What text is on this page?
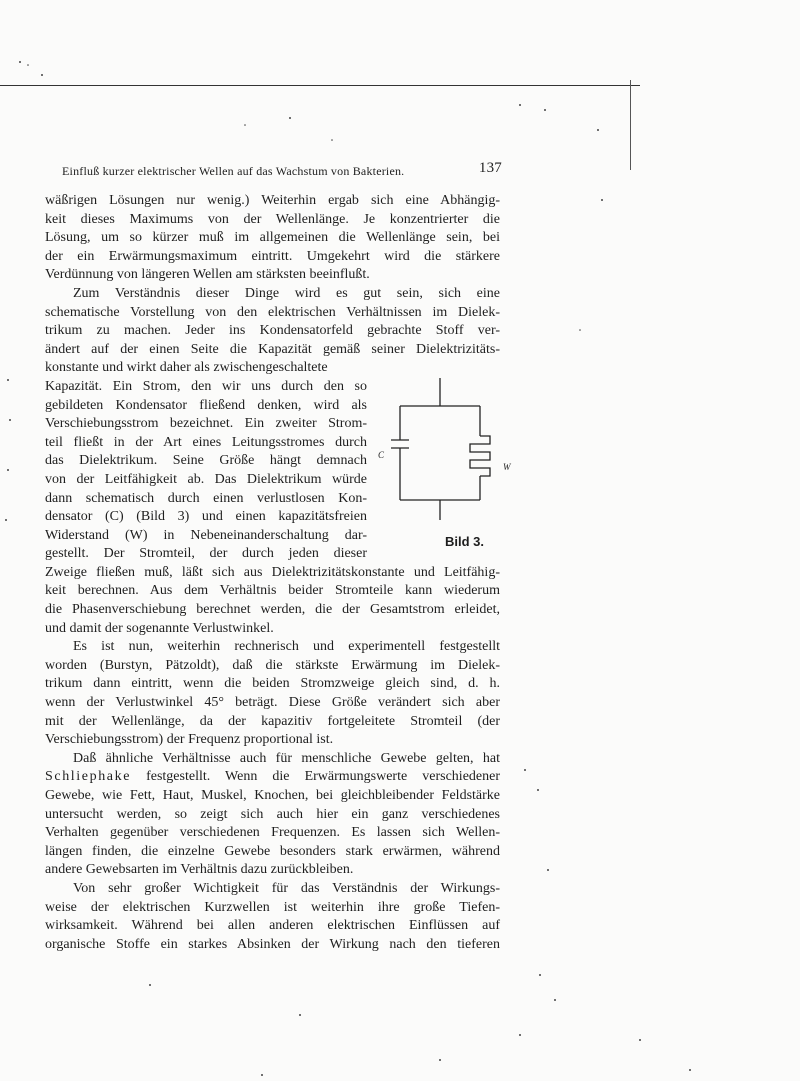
Einfluß kurzer elektrischer Wellen auf das Wachstum von Bakterien.	137

wäßrigen Lösungen nur wenig.) Weiterhin ergab sich eine Abhängig-

keit dieses Maximums von der Wellenlänge. Je konzentrierter die

Lösung, um so kürzer muß im allgemeinen die Wellenlänge sein, bei

der ein Erwärmungsmaximum eintritt. Umgekehrt wird die stärkere

Verdünnung von längeren Wellen am stärksten beeinflußt.

Zum Verständnis dieser Dinge wird es gut sein, sich eine

schematische Vorstellung von den elektrischen Verhältnissen im Dielek-

trikum zu machen. Jeder ins Kondensatorfeld gebrachte Stoff ver-

ändert auf der einen Seite die Kapazität gemäß seiner Dielektrizitäts-

konstante und wirkt daher als zwischengeschaltete

Kapazität. Ein Strom, den wir uns durch den so

gebildeten Kondensator fließend denken, wird als

Verschiebungsstrom bezeichnet. Ein zweiter Strom-

teil fließt in der Art eines Leitungsstromes durch

das Dielektrikum. Seine Größe hängt demnach

von der Leitfähigkeit ab. Das Dielektrikum würde

dann schematisch durch einen verlustlosen Kon-

densator (C) (Bild 3) und einen kapazitätsfreien

Widerstand (W) in Nebeneinanderschaltung dar-

gestellt. Der Stromteil, der durch jeden dieser

C
W
Bild 3.

Zweige fließen muß, läßt sich aus Dielektrizitätskonstante und Leitfähig-

keit berechnen. Aus dem Verhältnis beider Stromteile kann wiederum

die Phasenverschiebung berechnet werden, die der Gesamtstrom erleidet,

und damit der sogenannte Verlustwinkel.

Es ist nun, weiterhin rechnerisch und experimentell festgestellt

worden (Burstyn, Pätzoldt), daß die stärkste Erwärmung im Dielek-

trikum dann eintritt, wenn die beiden Stromzweige gleich sind, d. h.

wenn der Verlustwinkel 45° beträgt. Diese Größe verändert sich aber

mit der Wellenlänge, da der kapazitiv fortgeleitete Stromteil (der

Verschiebungsstrom) der Frequenz proportional ist.

Daß ähnliche Verhältnisse auch für menschliche Gewebe gelten, hat

Schliephake festgestellt. Wenn die Erwärmungswerte verschiedener

Gewebe, wie Fett, Haut, Muskel, Knochen, bei gleichbleibender Feldstärke

untersucht werden, so zeigt sich auch hier ein ganz verschiedenes

Verhalten gegenüber verschiedenen Frequenzen. Es lassen sich Wellen-

längen finden, die einzelne Gewebe besonders stark erwärmen, während

andere Gewebsarten im Verhältnis dazu zurückbleiben.

Von sehr großer Wichtigkeit für das Verständnis der Wirkungs-

weise der elektrischen Kurzwellen ist weiterhin ihre große Tiefen-

wirksamkeit. Während bei allen anderen elektrischen Einflüssen auf

organische Stoffe ein starkes Absinken der Wirkung nach den tieferen
